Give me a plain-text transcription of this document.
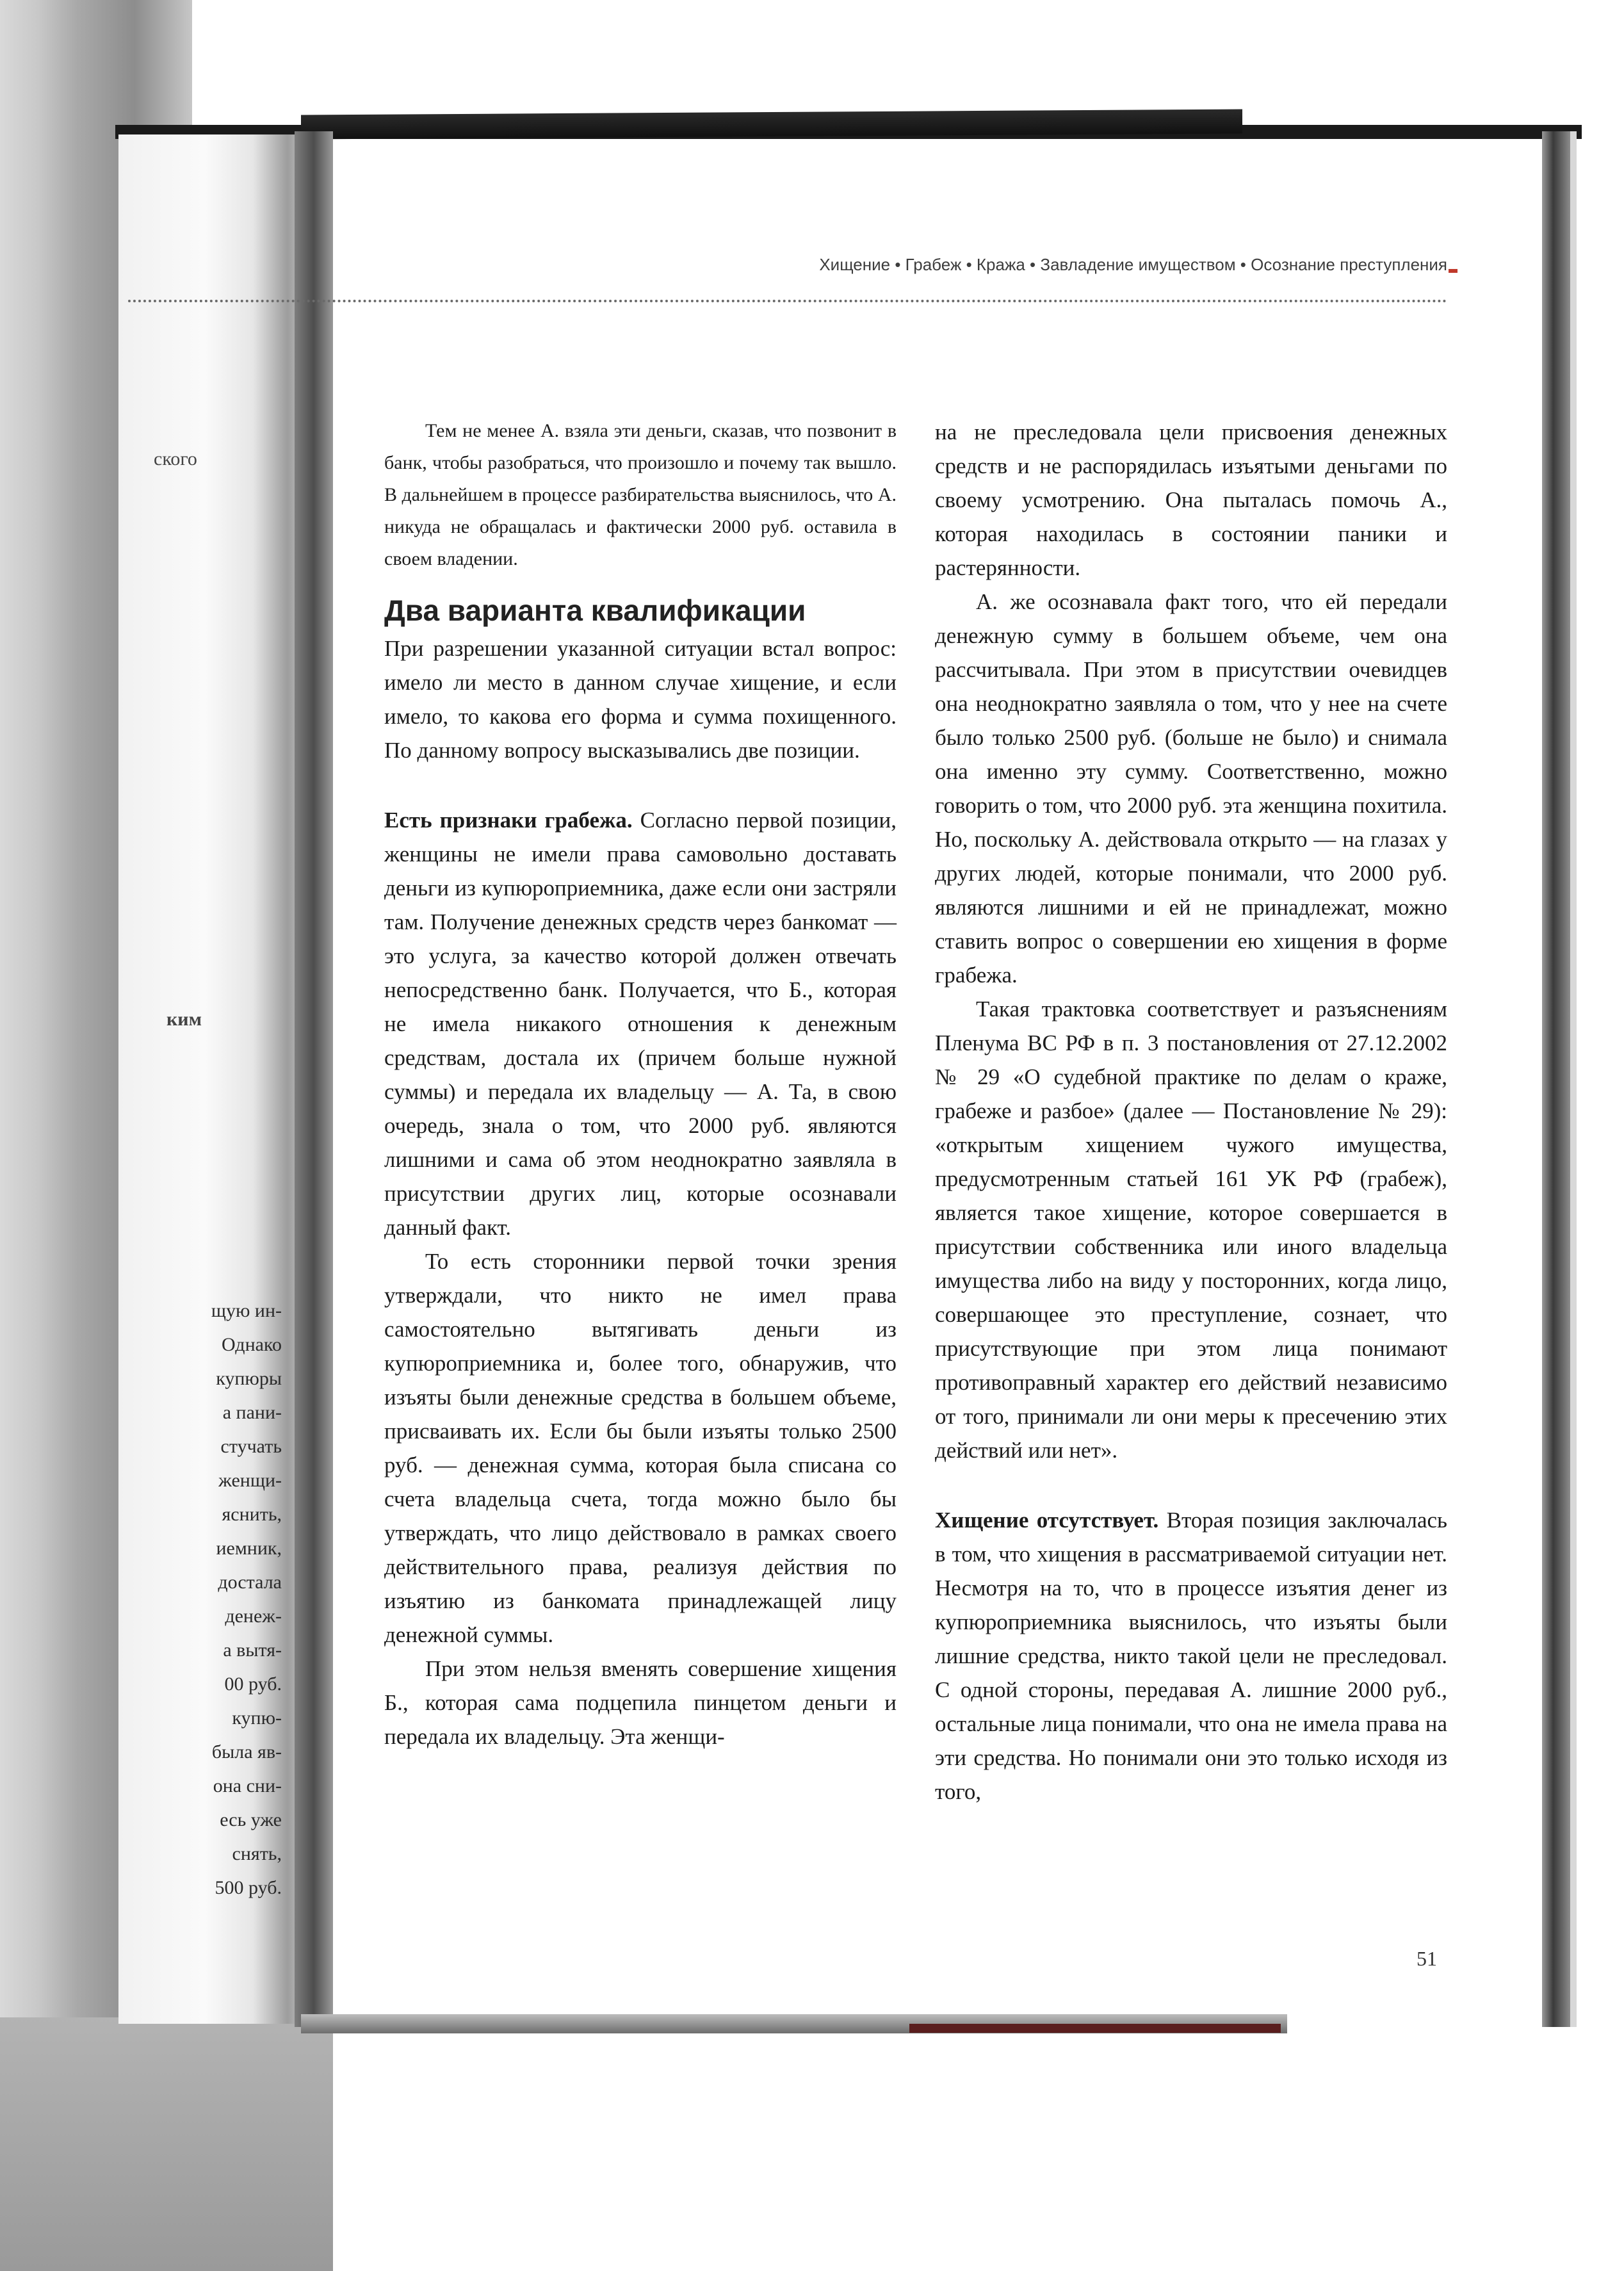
ского
ким
щую ин-
Однако
купюры
а пани-
стучать
женщи-
яснить,
иемник,
достала
денеж-
а вытя-
00 руб.
купю-
была яв-
она сни-
есь уже
снять,
500 руб.
Хищение • Грабеж • Кража • Завладение имуществом • Осознание преступления

Тем не менее А. взяла эти деньги, сказав, что позвонит в банк, чтобы разобраться, что произошло и почему так вышло. В дальнейшем в процессе разбирательства выяснилось, что А. никуда не обращалась и фактически 2000 руб. оставила в своем владении.

Два варианта квалификации

При разрешении указанной ситуации встал вопрос: имело ли место в данном случае хищение, и если имело, то какова его форма и сумма похищенного. По данному вопросу высказывались две позиции.

Есть признаки грабежа. Согласно первой позиции, женщины не имели права самовольно доставать деньги из купюроприемника, даже если они застряли там. Получение денежных средств через банкомат — это услуга, за качество которой должен отвечать непосредственно банк. Получается, что Б., которая не имела никакого отношения к денежным средствам, достала их (причем больше нужной суммы) и передала их владельцу — А. Та, в свою очередь, знала о том, что 2000 руб. являются лишними и сама об этом неоднократно заявляла в присутствии других лиц, которые осознавали данный факт.

То есть сторонники первой точки зрения утверждали, что никто не имел права самостоятельно вытягивать деньги из купюроприемника и, более того, обнаружив, что изъяты были денежные средства в большем объеме, присваивать их. Если бы были изъяты только 2500 руб. — денежная сумма, которая была списана со счета владельца счета, тогда можно было бы утверждать, что лицо действовало в рамках своего действительного права, реализуя действия по изъятию из банкомата принадлежащей лицу денежной суммы.

При этом нельзя вменять совершение хищения Б., которая сама подцепила пинцетом деньги и передала их владельцу. Эта женщи-

на не преследовала цели присвоения денежных средств и не распорядилась изъятыми деньгами по своему усмотрению. Она пыталась помочь А., которая находилась в состоянии паники и растерянности.

А. же осознавала факт того, что ей передали денежную сумму в большем объеме, чем она рассчитывала. При этом в присутствии очевидцев она неоднократно заявляла о том, что у нее на счете было только 2500 руб. (больше не было) и снимала она именно эту сумму. Соответственно, можно говорить о том, что 2000 руб. эта женщина похитила. Но, поскольку А. действовала открыто — на глазах у других людей, которые понимали, что 2000 руб. являются лишними и ей не принадлежат, можно ставить вопрос о совершении ею хищения в форме грабежа.

Такая трактовка соответствует и разъяснениям Пленума ВС РФ в п. 3 постановления от 27.12.2002 № 29 «О судебной практике по делам о краже, грабеже и разбое» (далее — Постановление № 29): «открытым хищением чужого имущества, предусмотренным статьей 161 УК РФ (грабеж), является такое хищение, которое совершается в присутствии собственника или иного владельца имущества либо на виду у посторонних, когда лицо, совершающее это преступление, сознает, что присутствующие при этом лица понимают противоправный характер его действий независимо от того, принимали ли они меры к пресечению этих действий или нет».

Хищение отсутствует. Вторая позиция заключалась в том, что хищения в рассматриваемой ситуации нет. Несмотря на то, что в процессе изъятия денег из купюроприемника выяснилось, что изъяты были лишние средства, никто такой цели не преследовал. С одной стороны, передавая А. лишние 2000 руб., остальные лица понимали, что она не имела права на эти средства. Но понимали они это только исходя из того,

51
